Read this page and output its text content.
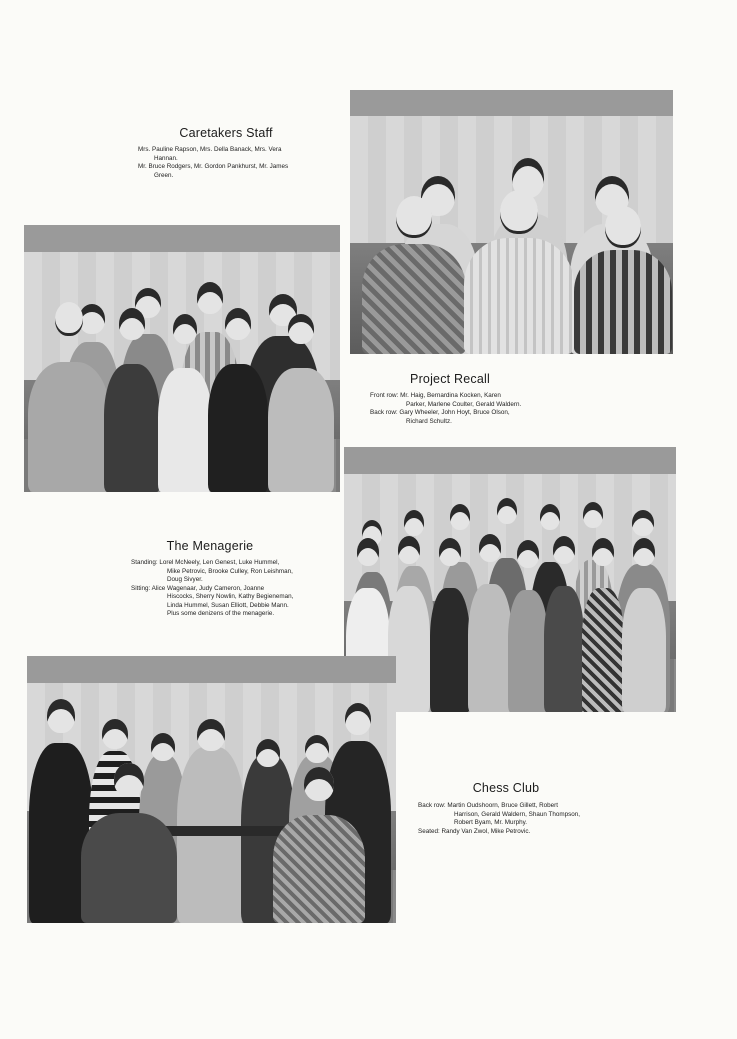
Caretakers Staff

Mrs. Pauline Rapson, Mrs. Della Banack, Mrs. Vera

Hannan.

Mr. Bruce Rodgers, Mr. Gordon Pankhurst, Mr. James

Green.

Project Recall

Front row: Mr. Haig, Bernardina Kocken, Karen

Parker, Marlene Coulter, Gerald Waldern.

Back row: Gary Wheeler, John Hoyt, Bruce Olson,

Richard Schultz.

The Menagerie

Standing: Lorel McNeely, Len Genest, Luke Hummel,

Mike Petrovic, Brooke Culley, Ron Leishman,

Doug Sivyer.

Sitting: Alice Wagenaar, Judy Cameron, Joanne

Hiscocks, Sherry Nowlin, Kathy Begieneman,

Linda Hummel, Susan Elliott, Debbie Mann.

Plus some denizens of the menagerie.

Chess Club

Back row: Martin Oudshoorn, Bruce Gillett, Robert

Harrison, Gerald Waldern, Shaun Thompson,

Robert Byam, Mr. Murphy.

Seated: Randy Van Zwol, Mike Petrovic.
